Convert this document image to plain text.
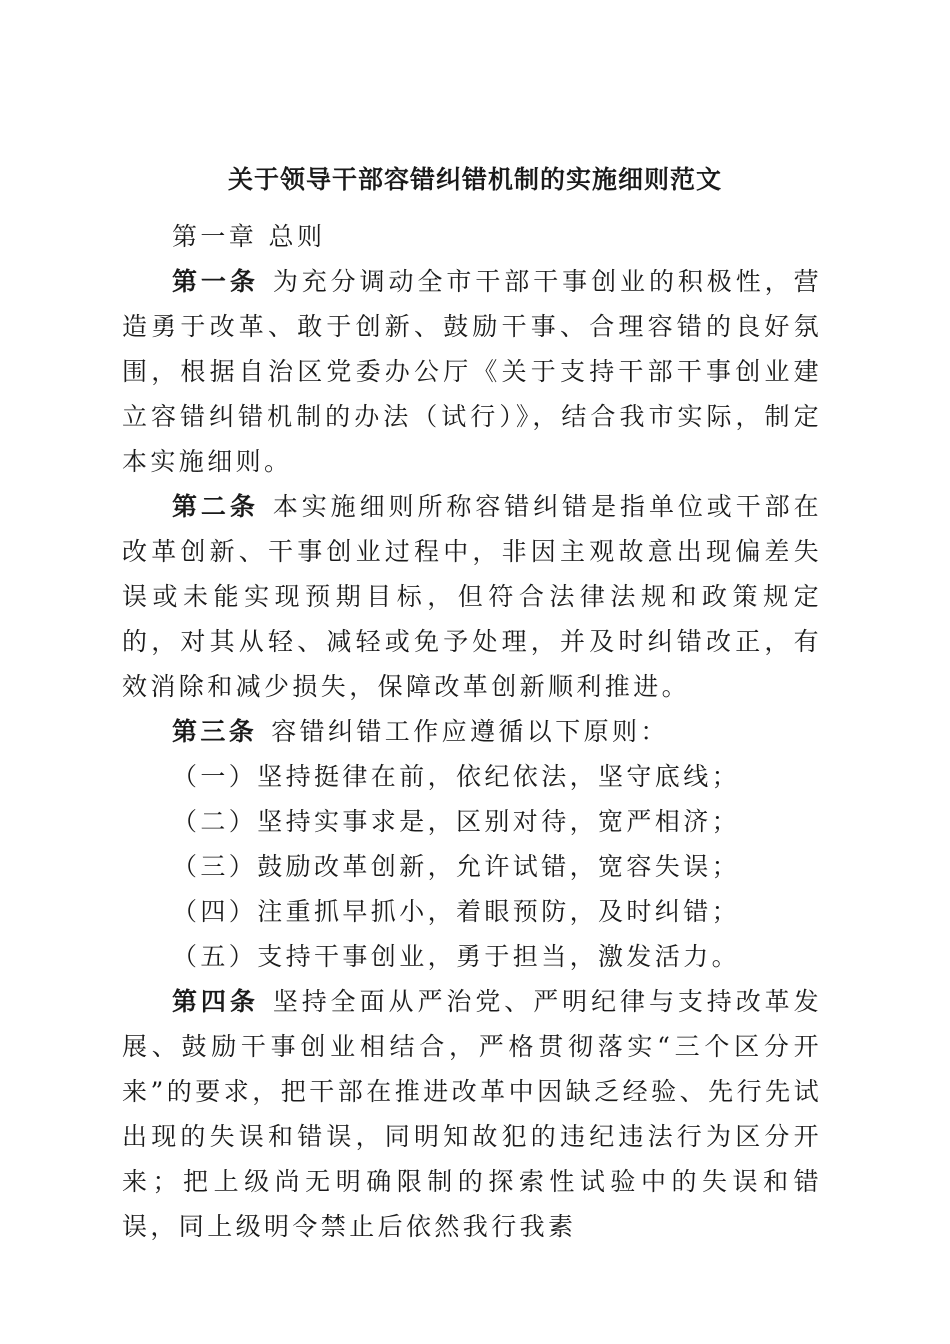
关于领导干部容错纠错机制的实施细则范文

第一章 总则

第一条 为充分调动全市干部干事创业的积极性，营造勇于改革、敢于创新、鼓励干事、合理容错的良好氛围，根据自治区党委办公厅《关于支持干部干事创业建立容错纠错机制的办法（试行）》，结合我市实际，制定本实施细则。

第二条 本实施细则所称容错纠错是指单位或干部在改革创新、干事创业过程中，非因主观故意出现偏差失误或未能实现预期目标，但符合法律法规和政策规定的，对其从轻、减轻或免予处理，并及时纠错改正，有效消除和减少损失，保障改革创新顺利推进。

第三条 容错纠错工作应遵循以下原则：

（一）坚持挺律在前，依纪依法，坚守底线；

（二）坚持实事求是，区别对待，宽严相济；

（三）鼓励改革创新，允许试错，宽容失误；

（四）注重抓早抓小，着眼预防，及时纠错；

（五）支持干事创业，勇于担当，激发活力。

第四条 坚持全面从严治党、严明纪律与支持改革发展、鼓励干事创业相结合，严格贯彻落实“三个区分开来”的要求，把干部在推进改革中因缺乏经验、先行先试出现的失误和错误，同明知故犯的违纪违法行为区分开来；把上级尚无明确限制的探索性试验中的失误和错误，同上级明令禁止后依然我行我素
